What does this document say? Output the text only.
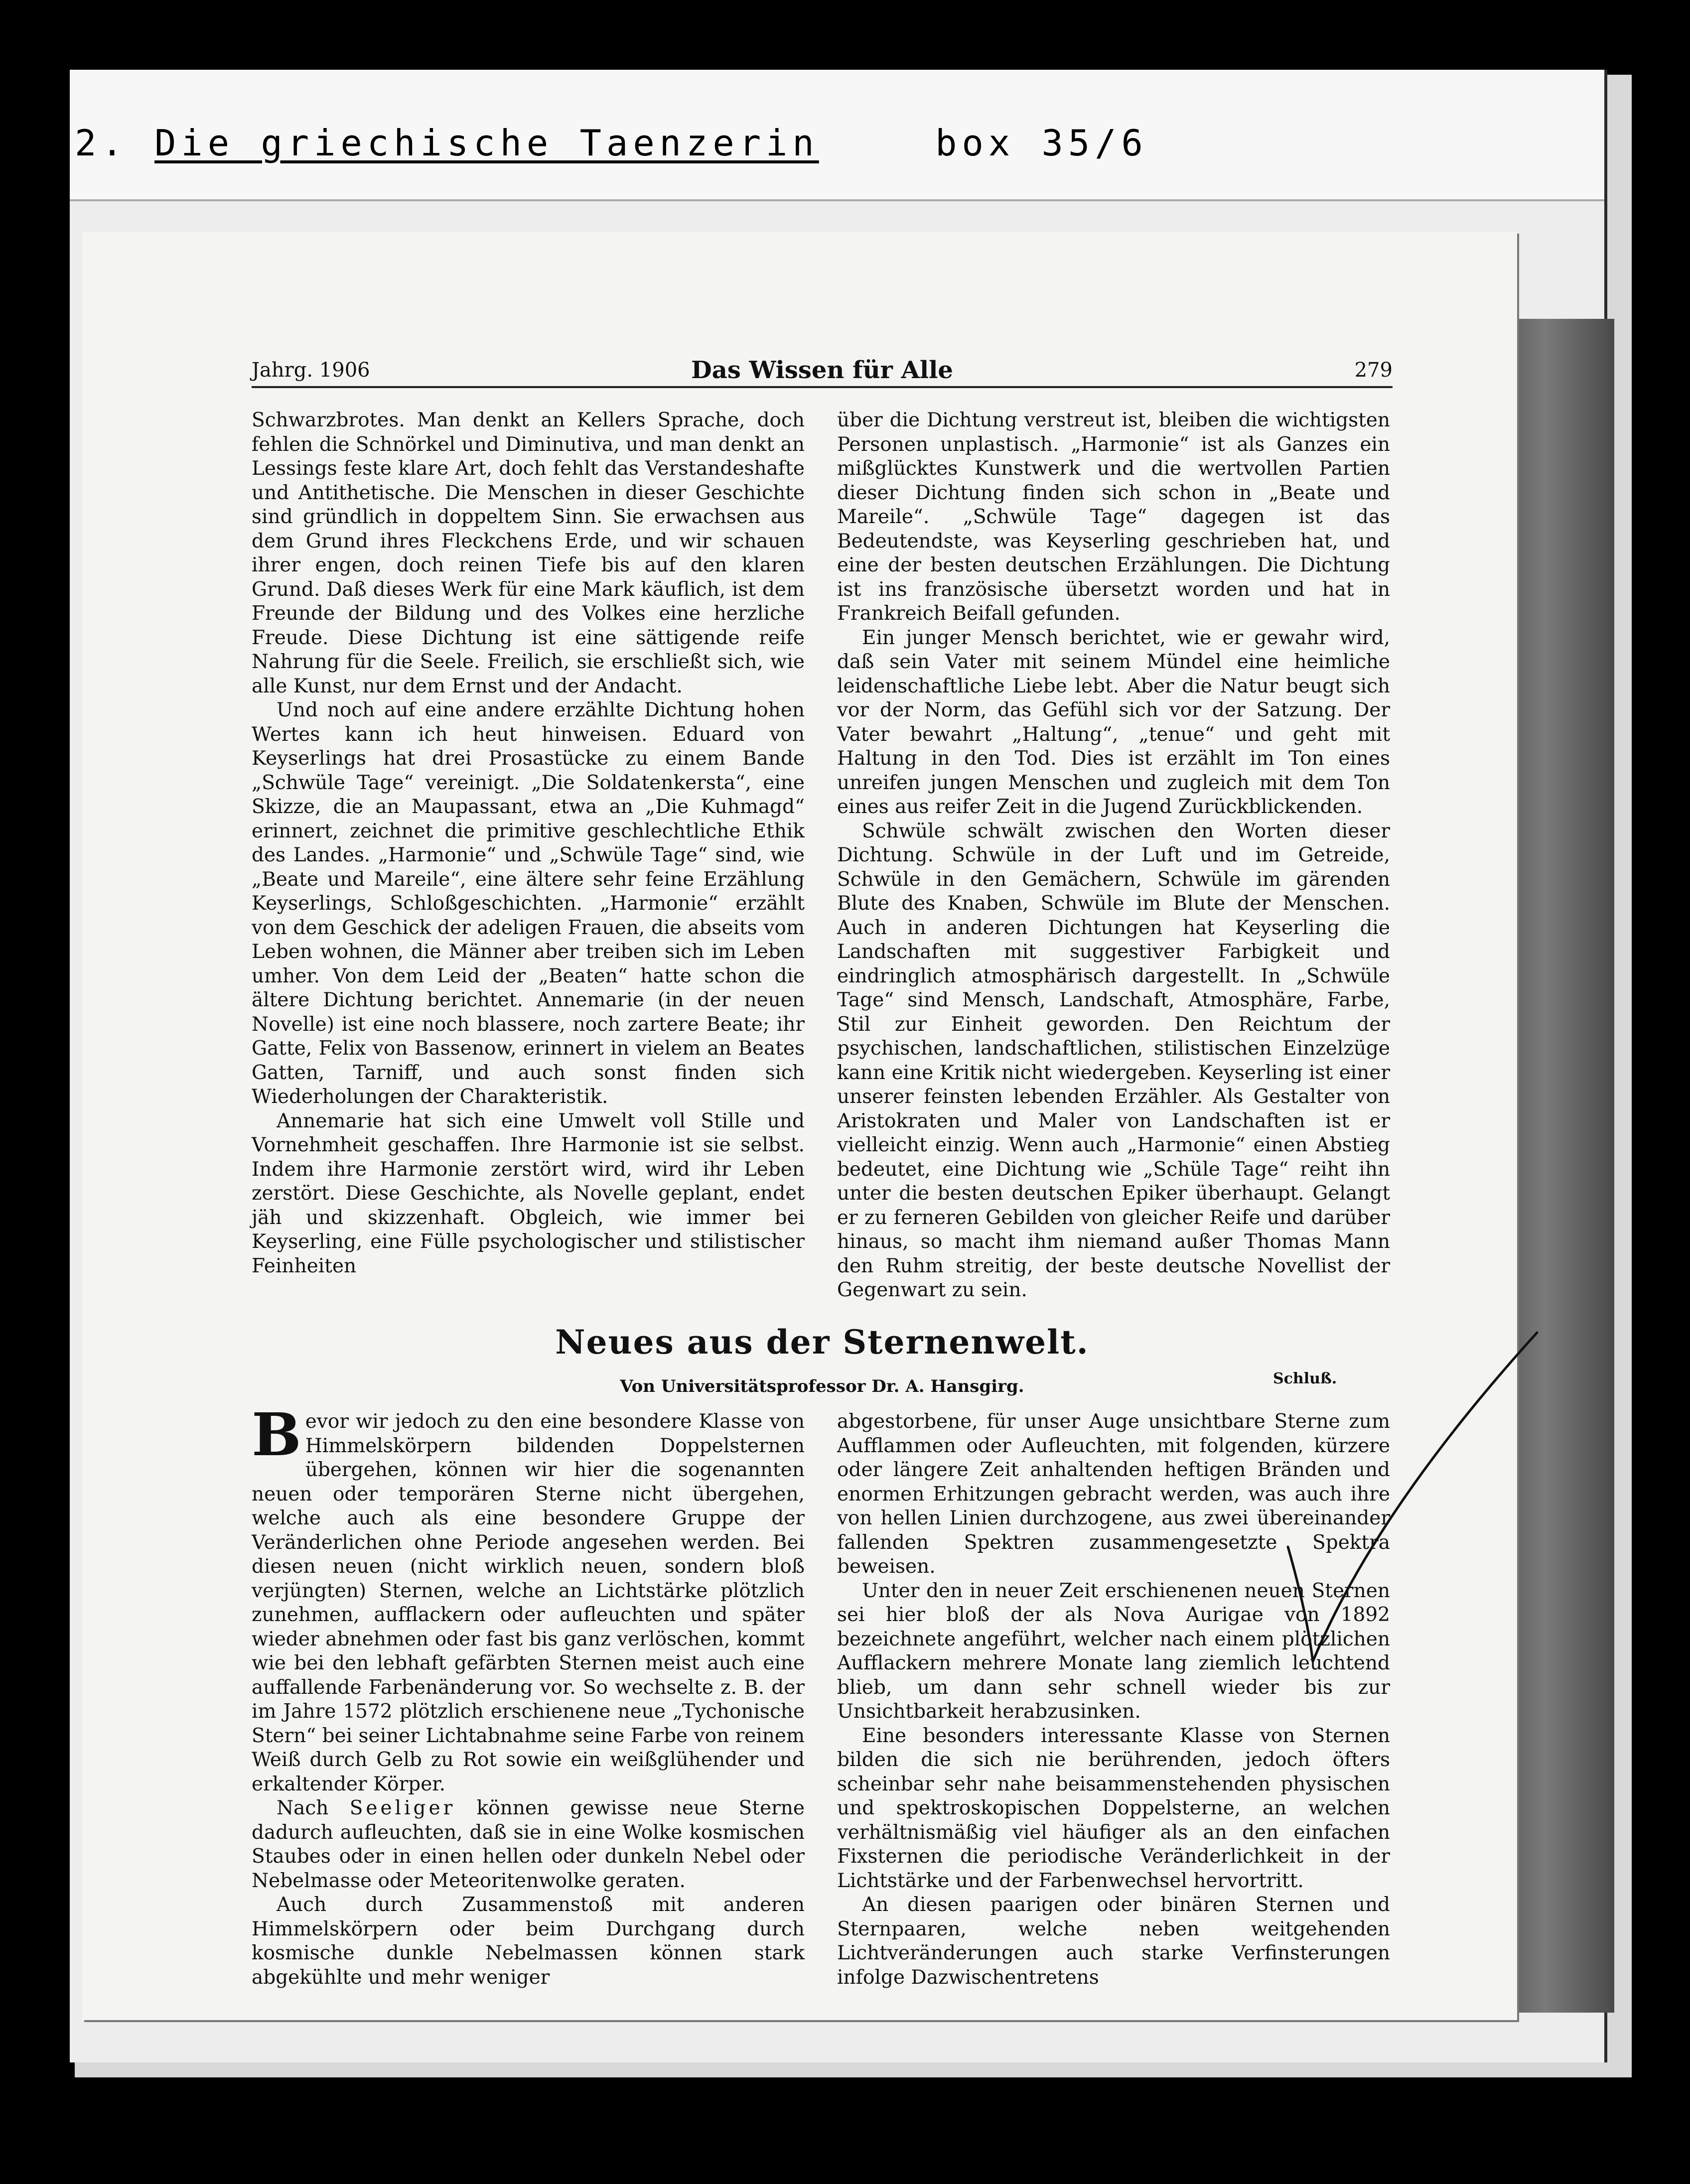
2. Die griechische Taenzerin	box 35/6
Jahrg. 1906	Das Wissen für Alle	279

Schwarzbrotes. Man denkt an Kellers Sprache, doch fehlen die Schnörkel und Diminutiva, und man denkt an Lessings feste klare Art, doch fehlt das Verstandeshafte und Antithetische. Die Menschen in dieser Geschichte sind gründlich in doppeltem Sinn. Sie erwachsen aus dem Grund ihres Fleckchens Erde, und wir schauen ihrer engen, doch reinen Tiefe bis auf den klaren Grund. Daß dieses Werk für eine Mark käuflich, ist dem Freunde der Bildung und des Volkes eine herzliche Freude. Diese Dichtung ist eine sättigende reife Nahrung für die Seele. Freilich, sie erschließt sich, wie alle Kunst, nur dem Ernst und der Andacht.

Und noch auf eine andere erzählte Dichtung hohen Wertes kann ich heut hinweisen. Eduard von Keyserlings hat drei Prosastücke zu einem Bande „Schwüle Tage“ vereinigt. „Die Soldatenkersta“, eine Skizze, die an Maupassant, etwa an „Die Kuhmagd“ erinnert, zeichnet die primitive geschlechtliche Ethik des Landes. „Harmonie“ und „Schwüle Tage“ sind, wie „Beate und Mareile“, eine ältere sehr feine Erzählung Keyserlings, Schloßgeschichten. „Harmonie“ erzählt von dem Geschick der adeligen Frauen, die abseits vom Leben wohnen, die Männer aber treiben sich im Leben umher. Von dem Leid der „Beaten“ hatte schon die ältere Dichtung berichtet. Annemarie (in der neuen Novelle) ist eine noch blassere, noch zartere Beate; ihr Gatte, Felix von Bassenow, erinnert in vielem an Beates Gatten, Tarniff, und auch sonst finden sich Wiederholungen der Charakteristik.

Annemarie hat sich eine Umwelt voll Stille und Vornehmheit geschaffen. Ihre Harmonie ist sie selbst. Indem ihre Harmonie zerstört wird, wird ihr Leben zerstört. Diese Geschichte, als Novelle geplant, endet jäh und skizzenhaft. Obgleich, wie immer bei Keyserling, eine Fülle psychologischer und stilistischer Feinheiten

über die Dichtung verstreut ist, bleiben die wichtigsten Personen unplastisch. „Harmonie“ ist als Ganzes ein mißglücktes Kunstwerk und die wertvollen Partien dieser Dichtung finden sich schon in „Beate und Mareile“. „Schwüle Tage“ dagegen ist das Bedeutendste, was Keyserling geschrieben hat, und eine der besten deutschen Erzählungen. Die Dichtung ist ins französische übersetzt worden und hat in Frankreich Beifall gefunden.

Ein junger Mensch berichtet, wie er gewahr wird, daß sein Vater mit seinem Mündel eine heimliche leidenschaftliche Liebe lebt. Aber die Natur beugt sich vor der Norm, das Gefühl sich vor der Satzung. Der Vater bewahrt „Haltung“, „tenue“ und geht mit Haltung in den Tod. Dies ist erzählt im Ton eines unreifen jungen Menschen und zugleich mit dem Ton eines aus reifer Zeit in die Jugend Zurückblickenden.

Schwüle schwält zwischen den Worten dieser Dichtung. Schwüle in der Luft und im Getreide, Schwüle in den Gemächern, Schwüle im gärenden Blute des Knaben, Schwüle im Blute der Menschen. Auch in anderen Dichtungen hat Keyserling die Landschaften mit suggestiver Farbigkeit und eindringlich atmosphärisch dargestellt. In „Schwüle Tage“ sind Mensch, Landschaft, Atmosphäre, Farbe, Stil zur Einheit geworden. Den Reichtum der psychischen, landschaftlichen, stilistischen Einzelzüge kann eine Kritik nicht wiedergeben. Keyserling ist einer unserer feinsten lebenden Erzähler. Als Gestalter von Aristokraten und Maler von Landschaften ist er vielleicht einzig. Wenn auch „Harmonie“ einen Abstieg bedeutet, eine Dichtung wie „Schüle Tage“ reiht ihn unter die besten deutschen Epiker überhaupt. Gelangt er zu ferneren Gebilden von gleicher Reife und darüber hinaus, so macht ihm niemand außer Thomas Mann den Ruhm streitig, der beste deutsche Novellist der Gegenwart zu sein.

Neues aus der Sternenwelt.
Von Universitätsprofessor Dr. A. Hansgirg.	Schluß.

Bevor wir jedoch zu den eine besondere Klasse von Himmelskörpern bildenden Doppelsternen übergehen, können wir hier die sogenannten neuen oder temporären Sterne nicht übergehen, welche auch als eine besondere Gruppe der Veränderlichen ohne Periode angesehen werden. Bei diesen neuen (nicht wirklich neuen, sondern bloß verjüngten) Sternen, welche an Lichtstärke plötzlich zunehmen, aufflackern oder aufleuchten und später wieder abnehmen oder fast bis ganz verlöschen, kommt wie bei den lebhaft gefärbten Sternen meist auch eine auffallende Farbenänderung vor. So wechselte z. B. der im Jahre 1572 plötzlich erschienene neue „Tychonische Stern“ bei seiner Lichtabnahme seine Farbe von reinem Weiß durch Gelb zu Rot sowie ein weißglühender und erkaltender Körper.

Nach Seeliger können gewisse neue Sterne dadurch aufleuchten, daß sie in eine Wolke kosmischen Staubes oder in einen hellen oder dunkeln Nebel oder Nebelmasse oder Meteoritenwolke geraten.

Auch durch Zusammenstoß mit anderen Himmelskörpern oder beim Durchgang durch kosmische dunkle Nebelmassen können stark abgekühlte und mehr weniger

abgestorbene, für unser Auge unsichtbare Sterne zum Aufflammen oder Aufleuchten, mit folgenden, kürzere oder längere Zeit anhaltenden heftigen Bränden und enormen Erhitzungen gebracht werden, was auch ihre von hellen Linien durchzogene, aus zwei übereinander fallenden Spektren zusammengesetzte Spektra beweisen.

Unter den in neuer Zeit erschienenen neuen Sternen sei hier bloß der als Nova Aurigae von 1892 bezeichnete angeführt, welcher nach einem plötzlichen Aufflackern mehrere Monate lang ziemlich leuchtend blieb, um dann sehr schnell wieder bis zur Unsichtbarkeit herabzusinken.

Eine besonders interessante Klasse von Sternen bilden die sich nie berührenden, jedoch öfters scheinbar sehr nahe beisammenstehenden physischen und spektroskopischen Doppelsterne, an welchen verhältnismäßig viel häufiger als an den einfachen Fixsternen die periodische Veränderlichkeit in der Lichtstärke und der Farbenwechsel hervortritt.

An diesen paarigen oder binären Sternen und Sternpaaren, welche neben weitgehenden Lichtveränderungen auch starke Verfinsterungen infolge Dazwischentretens
